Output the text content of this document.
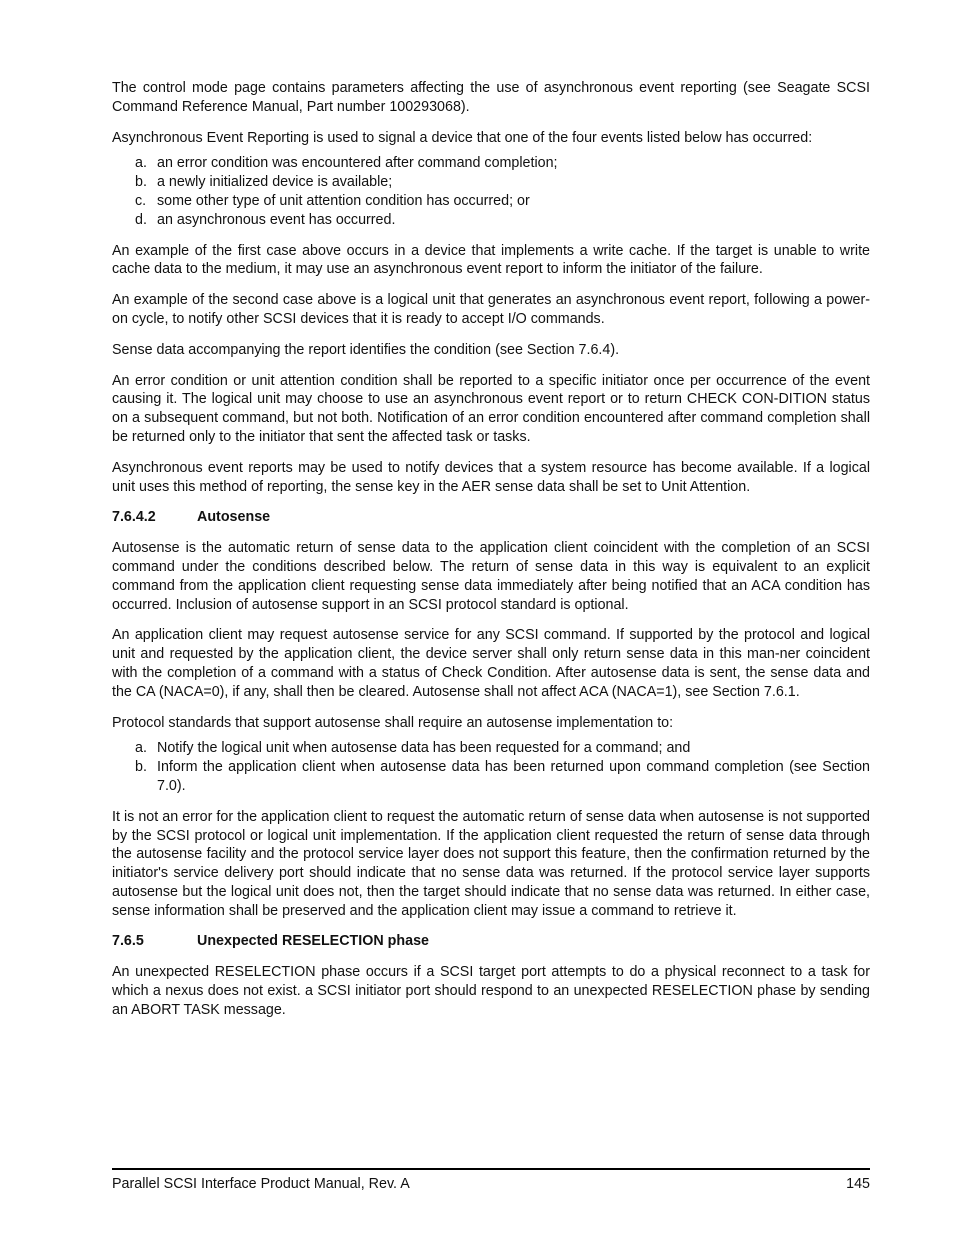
The control mode page contains parameters affecting the use of asynchronous event reporting (see Seagate SCSI Command Reference Manual, Part number 100293068).

Asynchronous Event Reporting is used to signal a device that one of the four events listed below has occurred:

a. an error condition was encountered after command completion;
b. a newly initialized device is available;
c. some other type of unit attention condition has occurred; or
d. an asynchronous event has occurred.

An example of the first case above occurs in a device that implements a write cache. If the target is unable to write cache data to the medium, it may use an asynchronous event report to inform the initiator of the failure.

An example of the second case above is a logical unit that generates an asynchronous event report, following a power-on cycle, to notify other SCSI devices that it is ready to accept I/O commands.

Sense data accompanying the report identifies the condition (see Section 7.6.4).

An error condition or unit attention condition shall be reported to a specific initiator once per occurrence of the event causing it. The logical unit may choose to use an asynchronous event report or to return CHECK CON-DITION status on a subsequent command, but not both. Notification of an error condition encountered after command completion shall be returned only to the initiator that sent the affected task or tasks.

Asynchronous event reports may be used to notify devices that a system resource has become available. If a logical unit uses this method of reporting, the sense key in the AER sense data shall be set to Unit Attention.

7.6.4.2	Autosense

Autosense is the automatic return of sense data to the application client coincident with the completion of an SCSI command under the conditions described below. The return of sense data in this way is equivalent to an explicit command from the application client requesting sense data immediately after being notified that an ACA condition has occurred. Inclusion of autosense support in an SCSI protocol standard is optional.

An application client may request autosense service for any SCSI command. If supported by the protocol and logical unit and requested by the application client, the device server shall only return sense data in this man-ner coincident with the completion of a command with a status of Check Condition. After autosense data is sent, the sense data and the CA (NACA=0), if any, shall then be cleared. Autosense shall not affect ACA (NACA=1), see Section 7.6.1.

Protocol standards that support autosense shall require an autosense implementation to:

a. Notify the logical unit when autosense data has been requested for a command; and
b. Inform the application client when autosense data has been returned upon command completion (see Section 7.0).

It is not an error for the application client to request the automatic return of sense data when autosense is not supported by the SCSI protocol or logical unit implementation. If the application client requested the return of sense data through the autosense facility and the protocol service layer does not support this feature, then the confirmation returned by the initiator's service delivery port should indicate that no sense data was returned. If the protocol service layer supports autosense but the logical unit does not, then the target should indicate that no sense data was returned. In either case, sense information shall be preserved and the application client may issue a command to retrieve it.

7.6.5	Unexpected RESELECTION phase

An unexpected RESELECTION phase occurs if a SCSI target port attempts to do a physical reconnect to a task for which a nexus does not exist. a SCSI initiator port should respond to an unexpected RESELECTION phase by sending an ABORT TASK message.

Parallel SCSI Interface Product Manual, Rev. A	145
